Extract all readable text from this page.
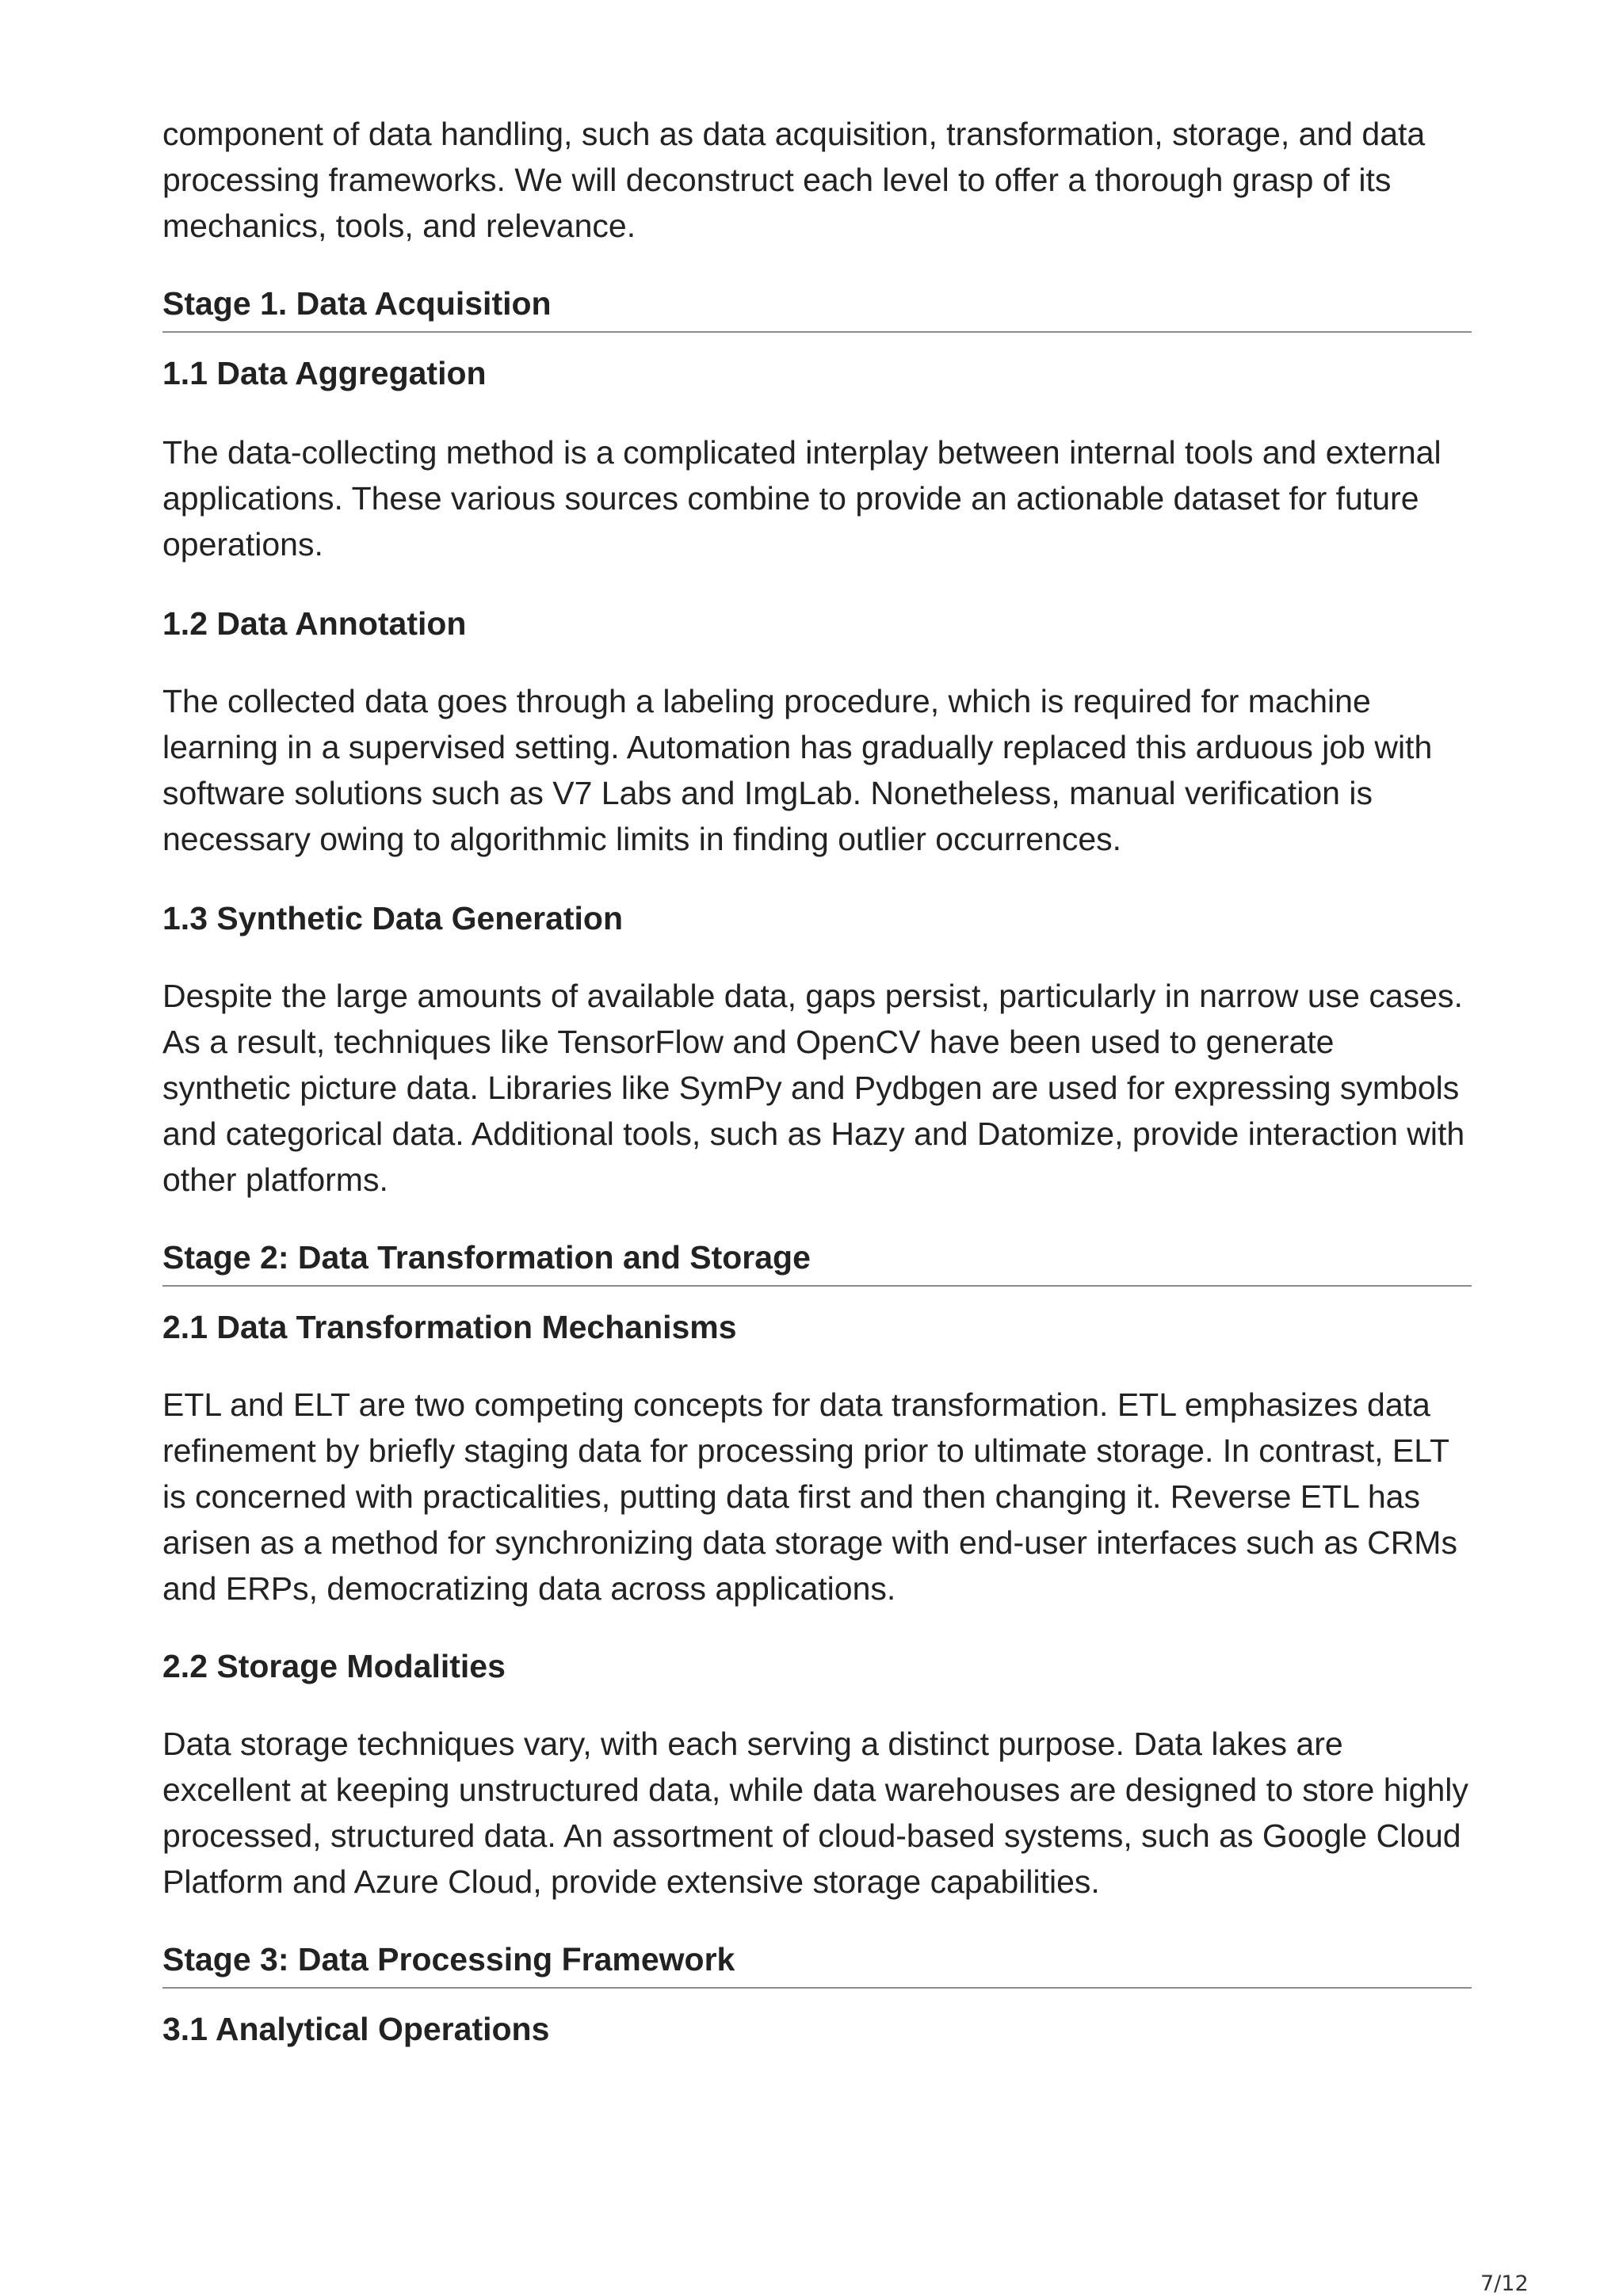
component of data handling, such as data acquisition, transformation, storage, and data processing frameworks. We will deconstruct each level to offer a thorough grasp of its mechanics, tools, and relevance.

Stage 1. Data Acquisition
1.1 Data Aggregation

The data-collecting method is a complicated interplay between internal tools and external applications. These various sources combine to provide an actionable dataset for future operations.

1.2 Data Annotation

The collected data goes through a labeling procedure, which is required for machine learning in a supervised setting. Automation has gradually replaced this arduous job with software solutions such as V7 Labs and ImgLab. Nonetheless, manual verification is necessary owing to algorithmic limits in finding outlier occurrences.

1.3 Synthetic Data Generation

Despite the large amounts of available data, gaps persist, particularly in narrow use cases. As a result, techniques like TensorFlow and OpenCV have been used to generate synthetic picture data. Libraries like SymPy and Pydbgen are used for expressing symbols and categorical data. Additional tools, such as Hazy and Datomize, provide interaction with other platforms.

Stage 2: Data Transformation and Storage
2.1 Data Transformation Mechanisms

ETL and ELT are two competing concepts for data transformation. ETL emphasizes data refinement by briefly staging data for processing prior to ultimate storage. In contrast, ELT is concerned with practicalities, putting data first and then changing it. Reverse ETL has arisen as a method for synchronizing data storage with end-user interfaces such as CRMs and ERPs, democratizing data across applications.

2.2 Storage Modalities

Data storage techniques vary, with each serving a distinct purpose. Data lakes are excellent at keeping unstructured data, while data warehouses are designed to store highly processed, structured data. An assortment of cloud-based systems, such as Google Cloud Platform and Azure Cloud, provide extensive storage capabilities.

Stage 3: Data Processing Framework
3.1 Analytical Operations
7/12
